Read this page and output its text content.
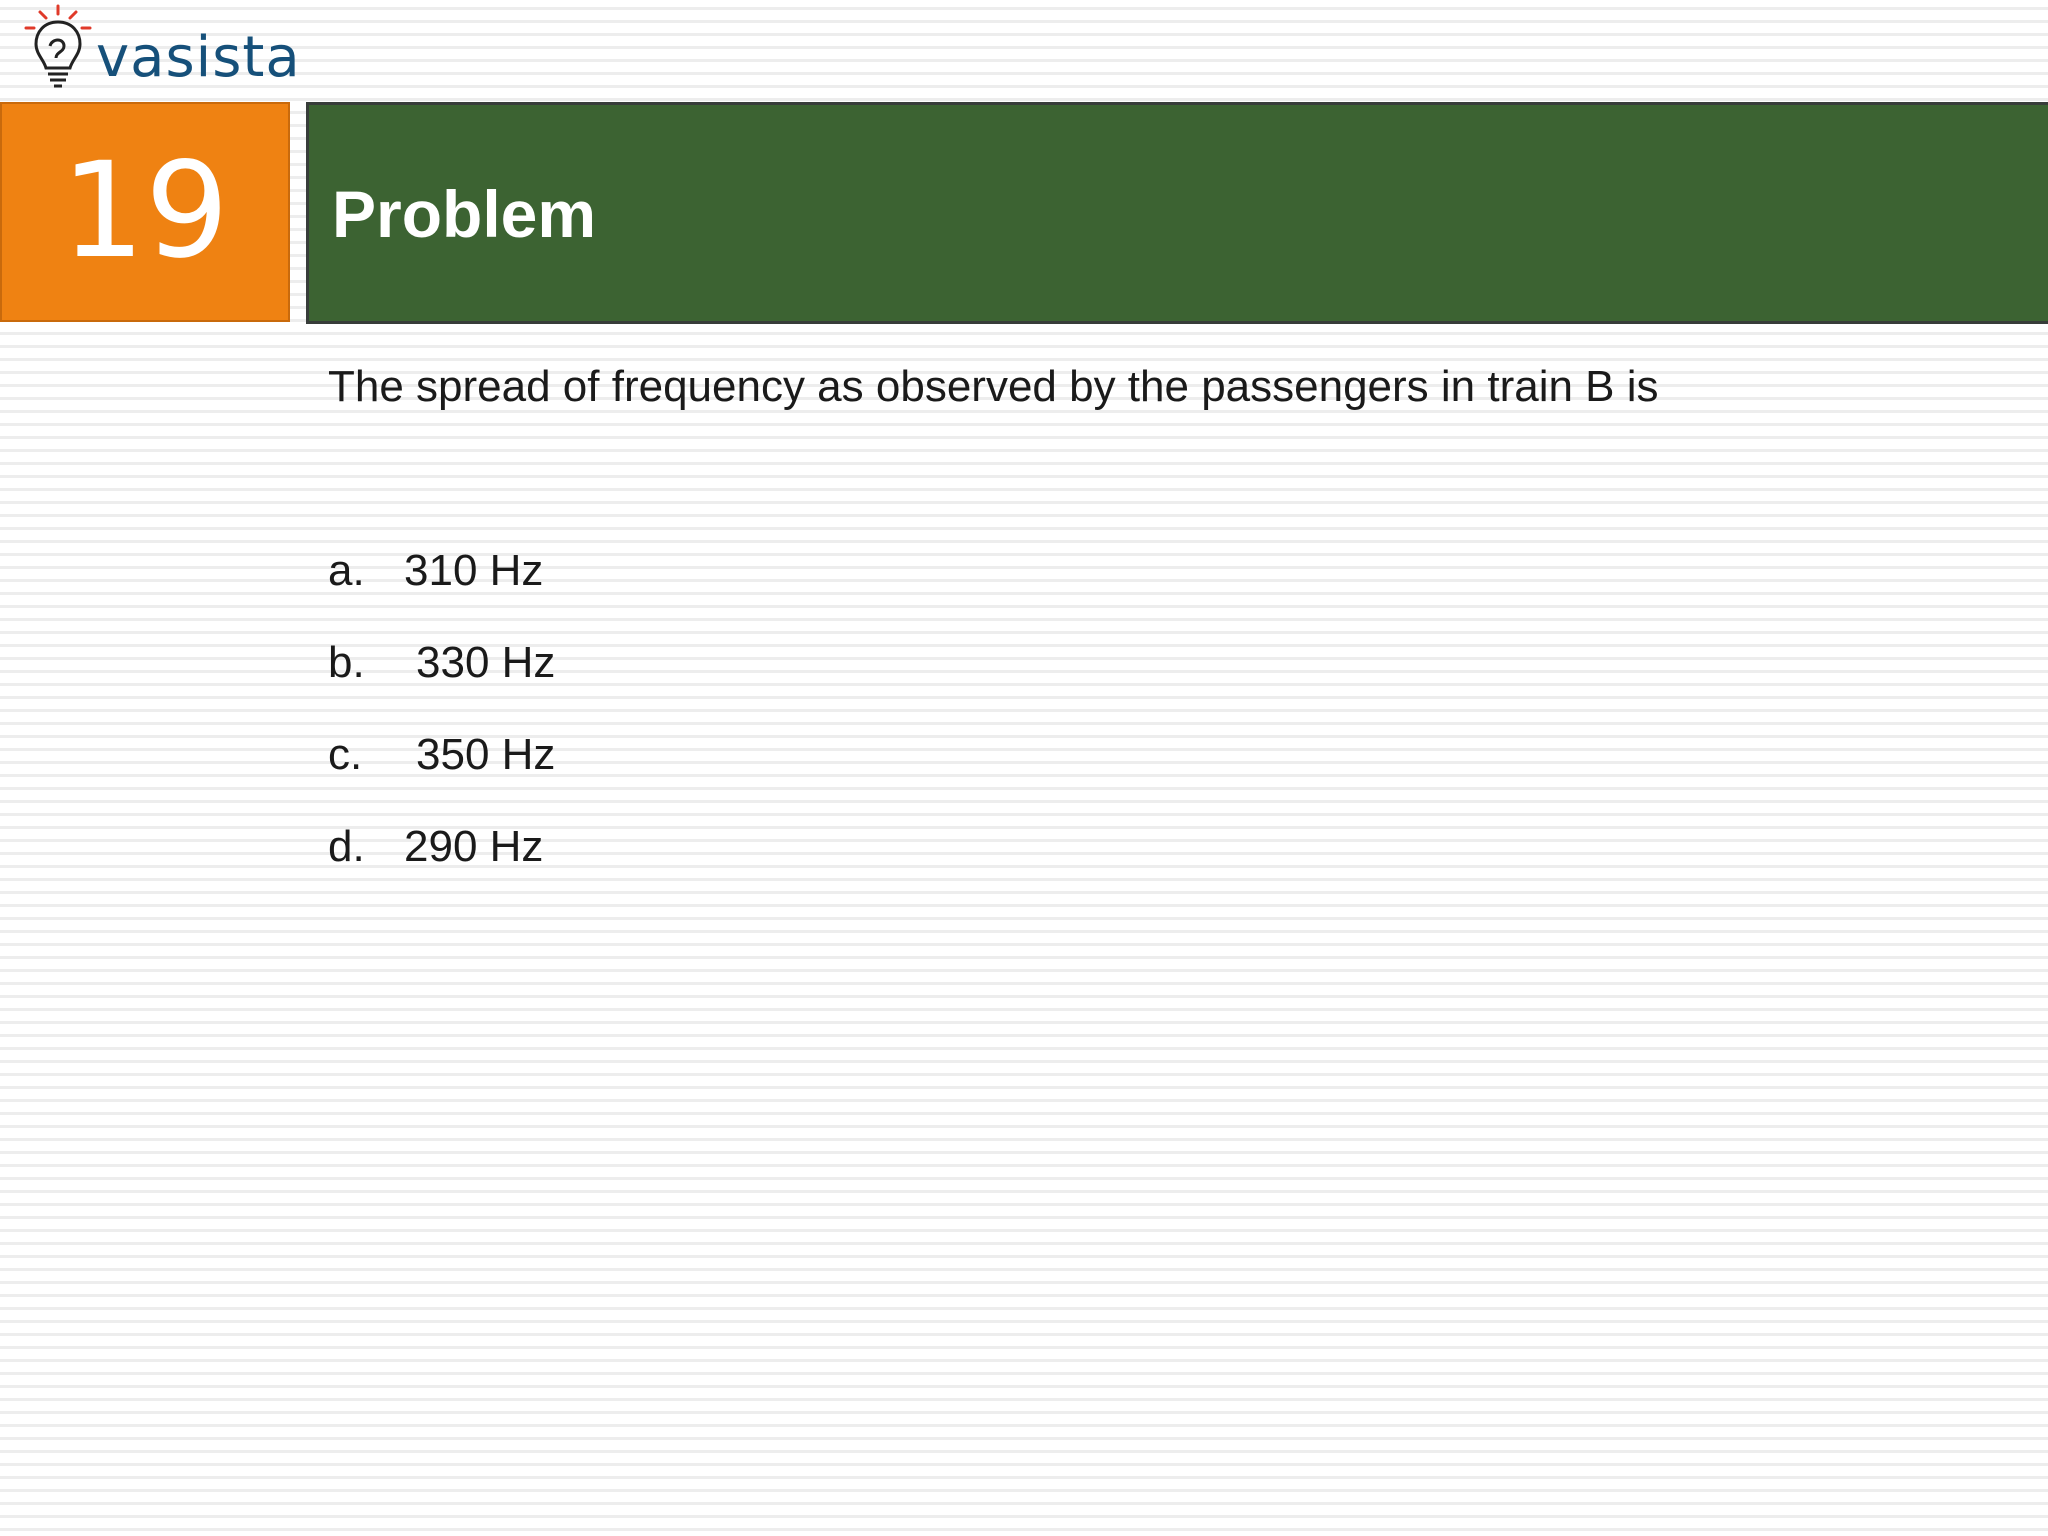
vasista
19 Problem
The spread of frequency as observed by the passengers in train B is
a. 310 Hz
b. 330 Hz
c. 350 Hz
d. 290 Hz
